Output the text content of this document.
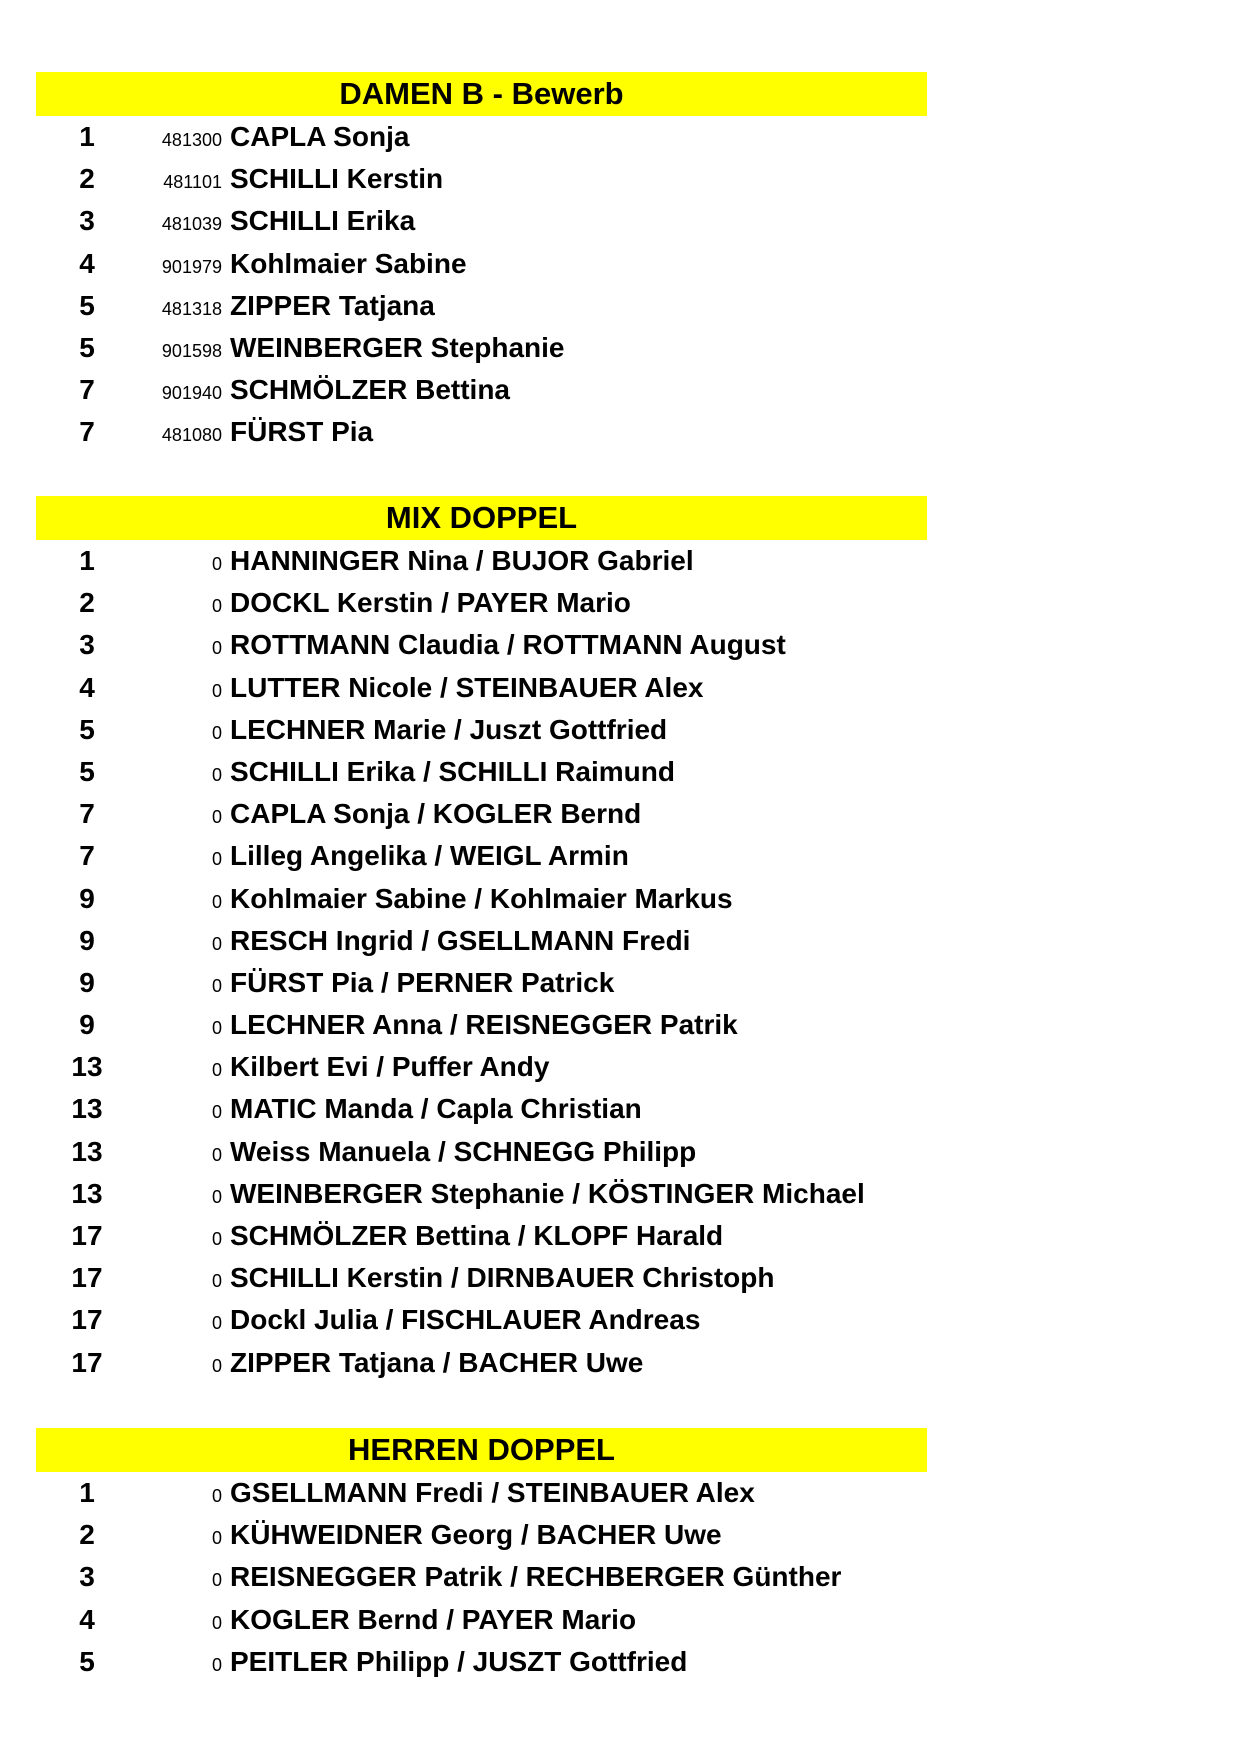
DAMEN B - Bewerb
1	481300 CAPLA Sonja
2	481101 SCHILLI Kerstin
3	481039 SCHILLI Erika
4	901979 Kohlmaier Sabine
5	481318 ZIPPER Tatjana
5	901598 WEINBERGER Stephanie
7	901940 SCHMÖLZER Bettina
7	481080 FÜRST Pia
MIX DOPPEL
1	0 HANNINGER Nina / BUJOR Gabriel
2	0 DOCKL Kerstin / PAYER Mario
3	0 ROTTMANN Claudia / ROTTMANN August
4	0 LUTTER Nicole / STEINBAUER Alex
5	0 LECHNER Marie / Juszt Gottfried
5	0 SCHILLI Erika / SCHILLI Raimund
7	0 CAPLA Sonja / KOGLER Bernd
7	0 Lilleg Angelika / WEIGL Armin
9	0 Kohlmaier Sabine / Kohlmaier Markus
9	0 RESCH Ingrid / GSELLMANN Fredi
9	0 FÜRST Pia / PERNER Patrick
9	0 LECHNER Anna / REISNEGGER Patrik
13	0 Kilbert Evi / Puffer Andy
13	0 MATIC Manda / Capla Christian
13	0 Weiss Manuela / SCHNEGG Philipp
13	0 WEINBERGER Stephanie / KÖSTINGER Michael
17	0 SCHMÖLZER Bettina / KLOPF Harald
17	0 SCHILLI Kerstin / DIRNBAUER Christoph
17	0 Dockl Julia / FISCHLAUER Andreas
17	0 ZIPPER Tatjana / BACHER Uwe
HERREN DOPPEL
1	0 GSELLMANN Fredi / STEINBAUER Alex
2	0 KÜHWEIDNER Georg / BACHER Uwe
3	0 REISNEGGER Patrik / RECHBERGER Günther
4	0 KOGLER Bernd / PAYER Mario
5	0 PEITLER Philipp / JUSZT Gottfried
